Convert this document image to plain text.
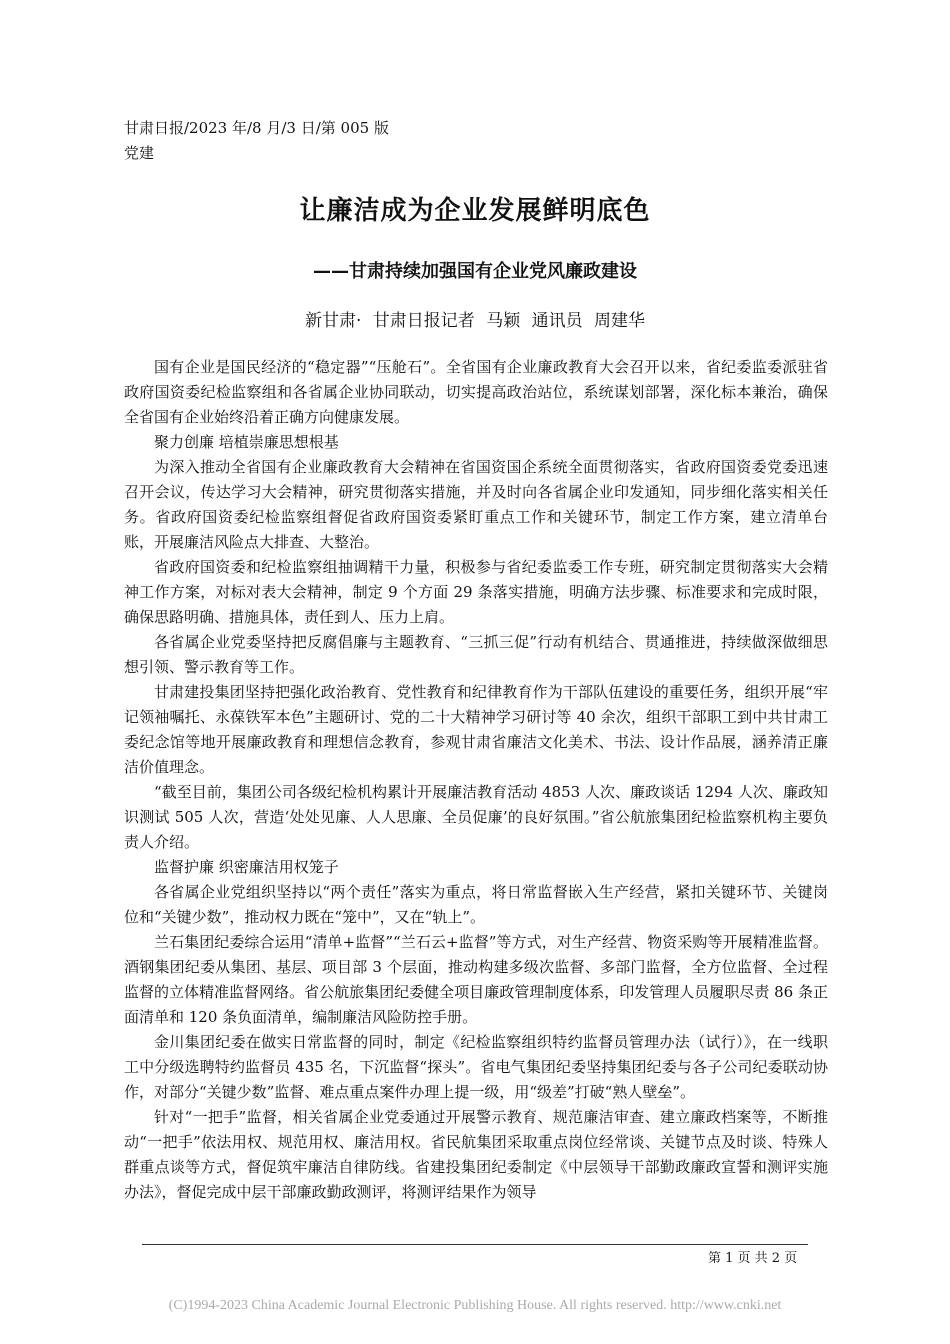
甘肃日报/2023 年/8 月/3 日/第 005 版
党建
让廉洁成为企业发展鲜明底色
——甘肃持续加强国有企业党风廉政建设
新甘肃· 甘肃日报记者 马颖 通讯员 周建华

国有企业是国民经济的“稳定器”“压舱石”。全省国有企业廉政教育大会召开以来，省纪委监委派驻省政府国资委纪检监察组和各省属企业协同联动，切实提高政治站位，系统谋划部署，深化标本兼治，确保全省国有企业始终沿着正确方向健康发展。

聚力创廉 培植崇廉思想根基

为深入推动全省国有企业廉政教育大会精神在省国资国企系统全面贯彻落实，省政府国资委党委迅速召开会议，传达学习大会精神，研究贯彻落实措施，并及时向各省属企业印发通知，同步细化落实相关任务。省政府国资委纪检监察组督促省政府国资委紧盯重点工作和关键环节，制定工作方案，建立清单台账，开展廉洁风险点大排查、大整治。

省政府国资委和纪检监察组抽调精干力量，积极参与省纪委监委工作专班，研究制定贯彻落实大会精神工作方案，对标对表大会精神，制定 9 个方面 29 条落实措施，明确方法步骤、标准要求和完成时限，确保思路明确、措施具体，责任到人、压力上肩。

各省属企业党委坚持把反腐倡廉与主题教育、“三抓三促”行动有机结合、贯通推进，持续做深做细思想引领、警示教育等工作。

甘肃建投集团坚持把强化政治教育、党性教育和纪律教育作为干部队伍建设的重要任务，组织开展“牢记领袖嘱托、永葆铁军本色”主题研讨、党的二十大精神学习研讨等 40 余次，组织干部职工到中共甘肃工委纪念馆等地开展廉政教育和理想信念教育，参观甘肃省廉洁文化美术、书法、设计作品展，涵养清正廉洁价值理念。

“截至目前，集团公司各级纪检机构累计开展廉洁教育活动 4853 人次、廉政谈话 1294 人次、廉政知识测试 505 人次，营造‘处处见廉、人人思廉、全员促廉’的良好氛围。”省公航旅集团纪检监察机构主要负责人介绍。

监督护廉 织密廉洁用权笼子

各省属企业党组织坚持以“两个责任”落实为重点，将日常监督嵌入生产经营，紧扣关键环节、关键岗位和“关键少数”，推动权力既在“笼中”，又在“轨上”。

兰石集团纪委综合运用“清单+监督”“兰石云+监督”等方式，对生产经营、物资采购等开展精准监督。酒钢集团纪委从集团、基层、项目部 3 个层面，推动构建多级次监督、多部门监督，全方位监督、全过程监督的立体精准监督网络。省公航旅集团纪委健全项目廉政管理制度体系，印发管理人员履职尽责 86 条正面清单和 120 条负面清单，编制廉洁风险防控手册。

金川集团纪委在做实日常监督的同时，制定《纪检监察组织特约监督员管理办法（试行）》，在一线职工中分级选聘特约监督员 435 名，下沉监督“探头”。省电气集团纪委坚持集团纪委与各子公司纪委联动协作，对部分“关键少数”监督、难点重点案件办理上提一级，用“级差”打破“熟人壁垒”。

针对“一把手”监督，相关省属企业党委通过开展警示教育、规范廉洁审查、建立廉政档案等，不断推动“一把手”依法用权、规范用权、廉洁用权。省民航集团采取重点岗位经常谈、关键节点及时谈、特殊人群重点谈等方式，督促筑牢廉洁自律防线。省建投集团纪委制定《中层领导干部勤政廉政宣誓和测评实施办法》，督促完成中层干部廉政勤政测评，将测评结果作为领导

第 1 页 共 2 页
(C)1994-2023 China Academic Journal Electronic Publishing House. All rights reserved. http://www.cnki.net
